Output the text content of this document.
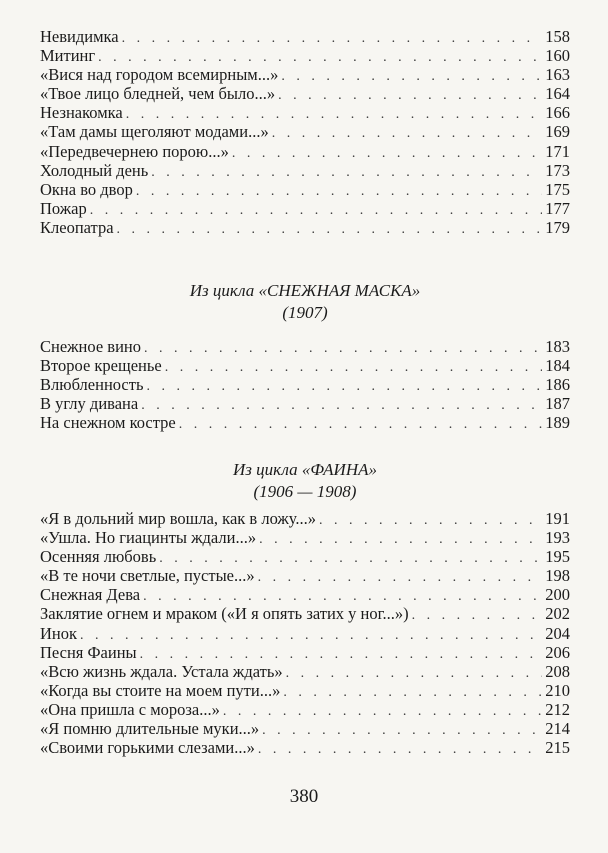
Невидимка . . .	158
Митинг . . .	160
«Вися над городом всемирным...» . . .	163
«Твое лицо бледней, чем было...» . . .	164
Незнакомка . . .	166
«Там дамы щеголяют модами...» . . .	169
«Передвечернею порою...» . . .	171
Холодный день . . .	173
Окна во двор . . .	175
Пожар . . .	177
Клеопатра . . .	179
Из цикла «СНЕЖНАЯ МАСКА»
(1907)
Снежное вино . . .	183
Второе крещенье . . .	184
Влюбленность . . .	186
В углу дивана . . .	187
На снежном костре . . .	189
Из цикла «ФАИНА»
(1906 — 1908)
«Я в дольний мир вошла, как в ложу...» . . .	191
«Ушла. Но гиацинты ждали...» . . .	193
Осенняя любовь . . .	195
«В те ночи светлые, пустые...» . . .	198
Снежная Дева . . .	200
Заклятие огнем и мраком («И я опять затих у ног...») . . .	202
Инок . . .	204
Песня Фаины . . .	206
«Всю жизнь ждала. Устала ждать» . . .	208
«Когда вы стоите на моем пути...» . . .	210
«Она пришла с мороза...» . . .	212
«Я помню длительные муки...» . . .	214
«Своими горькими слезами...» . . .	215
380
